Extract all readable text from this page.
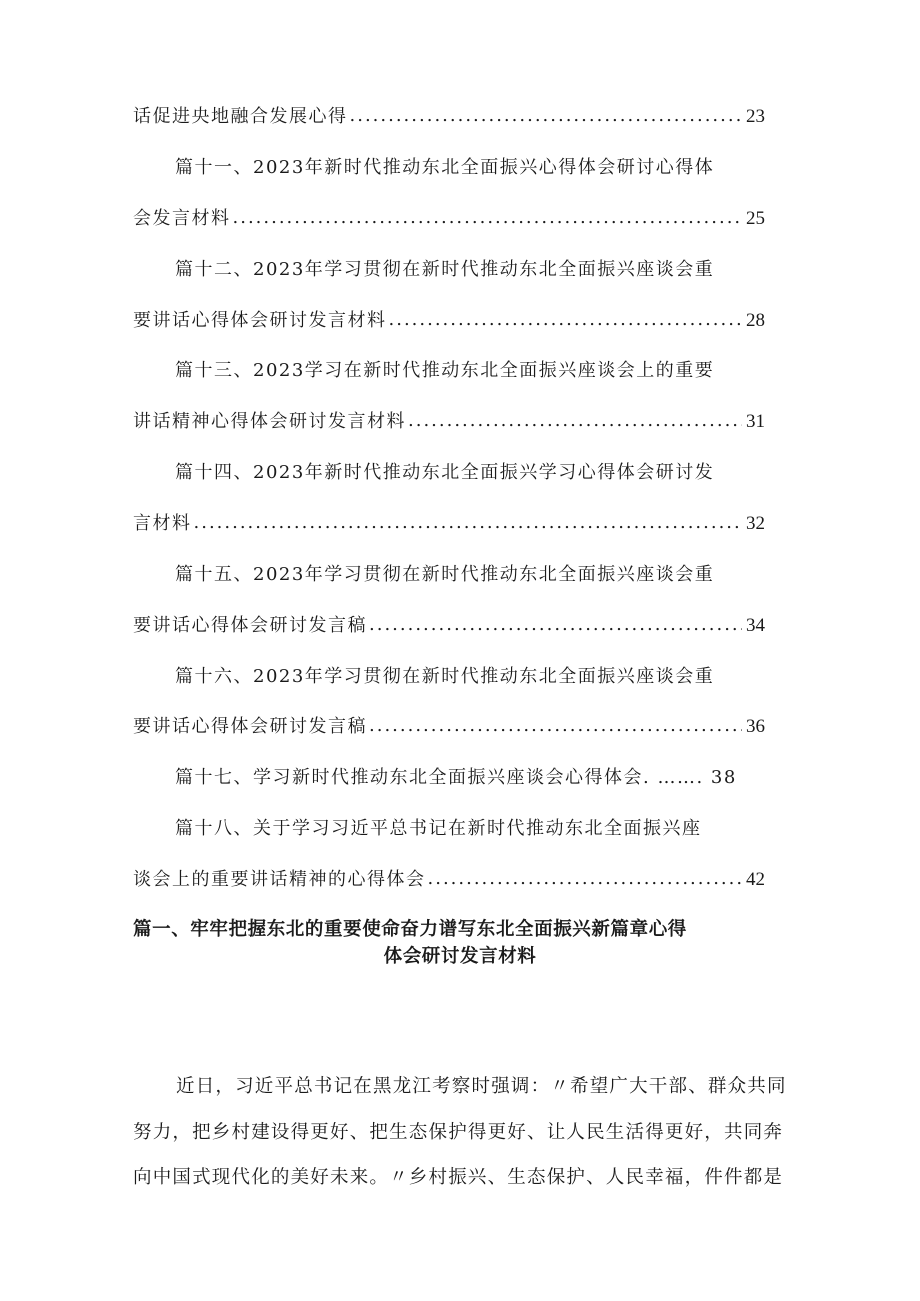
话促进央地融合发展心得 .....	23
篇十一、2023年新时代推动东北全面振兴心得体会研讨心得体
会发言材料 .....	25
篇十二、2023年学习贯彻在新时代推动东北全面振兴座谈会重
要讲话心得体会研讨发言材料 .....	28
篇十三、2023学习在新时代推动东北全面振兴座谈会上的重要
讲话精神心得体会研讨发言材料 .....	31
篇十四、2023年新时代推动东北全面振兴学习心得体会研讨发
言材料 .....	32
篇十五、2023年学习贯彻在新时代推动东北全面振兴座谈会重
要讲话心得体会研讨发言稿 .....	34
篇十六、2023年学习贯彻在新时代推动东北全面振兴座谈会重
要讲话心得体会研讨发言稿 .....	36
篇十七、学习新时代推动东北全面振兴座谈会心得体会. ……. 38
篇十八、关于学习习近平总书记在新时代推动东北全面振兴座
谈会上的重要讲话精神的心得体会 .....	42
篇一、牢牢把握东北的重要使命奋力谱写东北全面振兴新篇章心得
体会研讨发言材料
近日，习近平总书记在黑龙江考察时强调：〃希望广大干部、群众共同
努力，把乡村建设得更好、把生态保护得更好、让人民生活得更好，共同奔
向中国式现代化的美好未来。〃乡村振兴、生态保护、人民幸福，件件都是
